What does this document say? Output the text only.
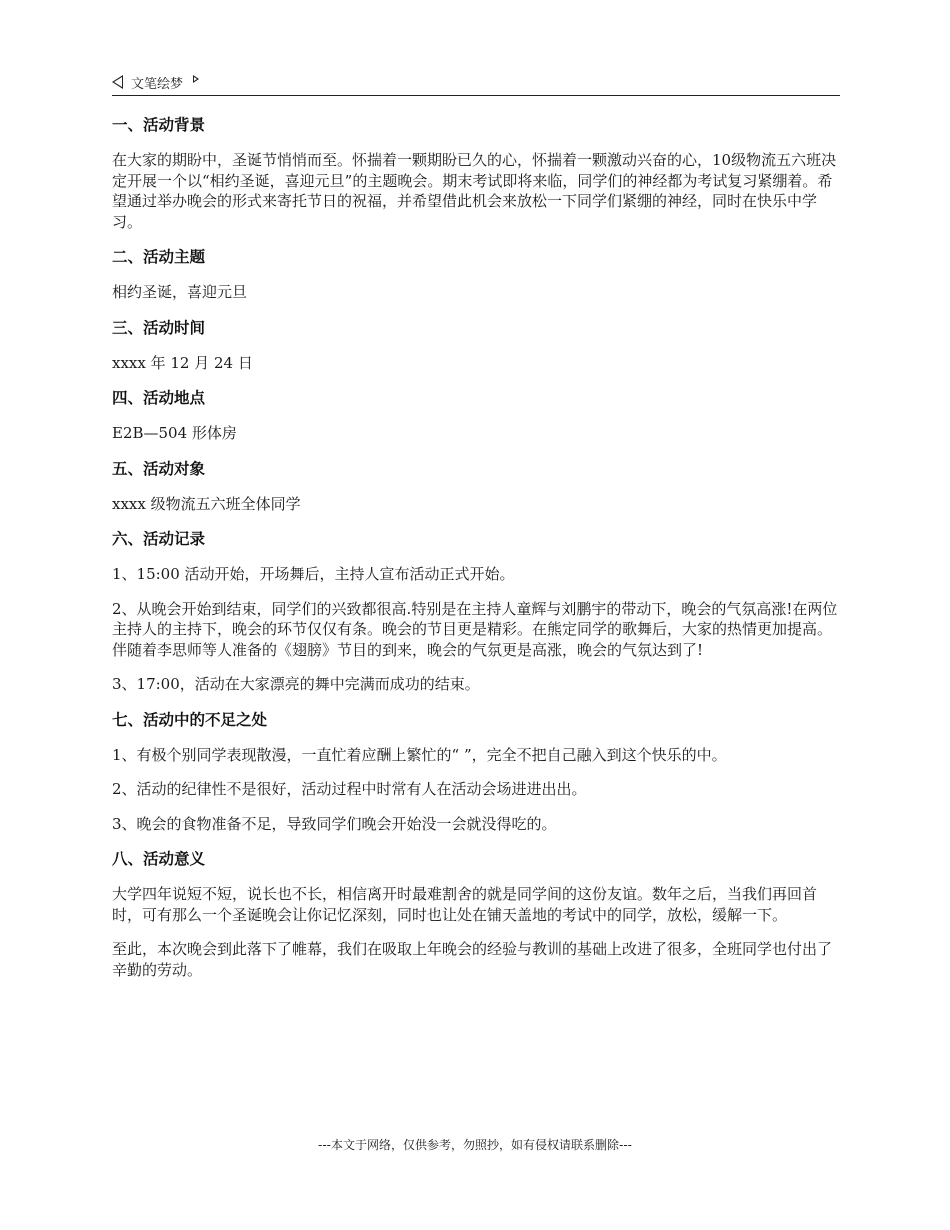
文笔绘梦
一、活动背景

在大家的期盼中，圣诞节悄悄而至。怀揣着一颗期盼已久的心，怀揣着一颗激动兴奋的心，10级物流五六班决定开展一个以“相约圣诞，喜迎元旦”的主题晚会。期末考试即将来临，同学们的神经都为考试复习紧绷着。希望通过举办晚会的形式来寄托节日的祝福，并希望借此机会来放松一下同学们紧绷的神经，同时在快乐中学习。

二、活动主题

相约圣诞，喜迎元旦

三、活动时间

xxxx 年 12 月 24 日

四、活动地点

E2B—504 形体房

五、活动对象

xxxx 级物流五六班全体同学

六、活动记录

1、15:00 活动开始，开场舞后，主持人宣布活动正式开始。

2、从晚会开始到结束，同学们的兴致都很高.特别是在主持人童辉与刘鹏宇的带动下，晚会的气氛高涨!在两位主持人的主持下，晚会的环节仅仅有条。晚会的节目更是精彩。在熊定同学的歌舞后，大家的热情更加提高。伴随着李思师等人准备的《翅膀》节目的到来，晚会的气氛更是高涨，晚会的气氛达到了!

3、17:00，活动在大家漂亮的舞中完满而成功的结束。

七、活动中的不足之处

1、有极个别同学表现散漫，一直忙着应酬上繁忙的“ ”，完全不把自己融入到这个快乐的中。

2、活动的纪律性不是很好，活动过程中时常有人在活动会场进进出出。

3、晚会的食物准备不足，导致同学们晚会开始没一会就没得吃的。

八、活动意义

大学四年说短不短，说长也不长，相信离开时最难割舍的就是同学间的这份友谊。数年之后，当我们再回首时，可有那么一个圣诞晚会让你记忆深刻，同时也让处在铺天盖地的考试中的同学，放松，缓解一下。

至此，本次晚会到此落下了帷幕，我们在吸取上年晚会的经验与教训的基础上改进了很多，全班同学也付出了辛勤的劳动。

---本文于网络，仅供参考，勿照抄，如有侵权请联系删除---
